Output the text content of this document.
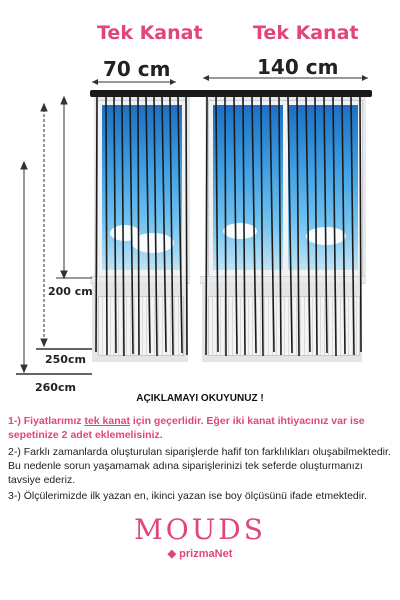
Tek Kanat	Tek Kanat
70 cm	140 cm
200 cm
250cm
260cm
AÇIKLAMAYI OKUYUNUZ !
1-) Fiyatlarımız tek kanat için geçerlidir. Eğer iki kanat ihtiyacınız var ise sepetinize 2 adet eklemelisiniz.
2-) Farklı zamanlarda oluşturulan siparişlerde hafif ton farklılıkları oluşabilmektedir. Bu nedenle sorun yaşamamak adına siparişlerinizi tek seferde oluşturmanızı tavsiye ederiz.
3-) Ölçülerimizde ilk yazan en, ikinci yazan ise boy ölçüsünü ifade etmektedir.
MOUDS
◆ prizmaNet
